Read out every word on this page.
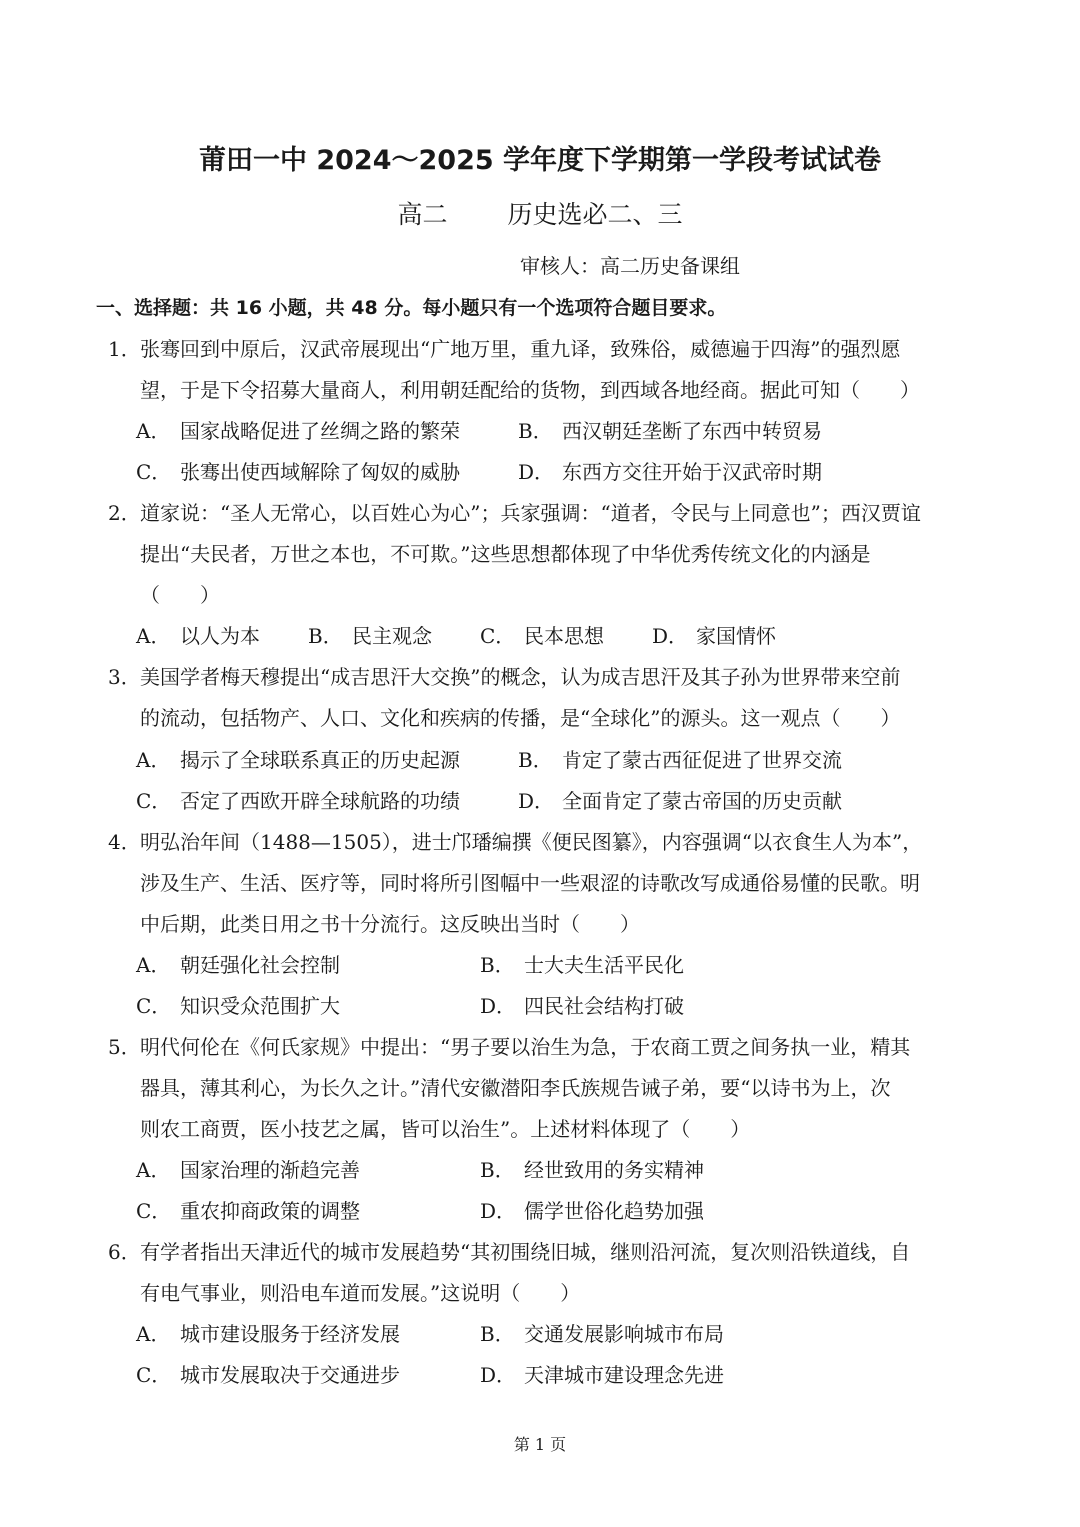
莆田一中 2024～2025 学年度下学期第一学段考试试卷
高二 历史选必二、三
审核人：高二历史备课组
一、选择题：共 16 小题，共 48 分。每小题只有一个选项符合题目要求。
1． 张骞回到中原后，汉武帝展现出“广地万里，重九译，致殊俗，威德遍于四海”的强烈愿
望，于是下令招募大量商人，利用朝廷配给的货物，到西域各地经商。据此可知（　　）
A． 国家战略促进了丝绸之路的繁荣	B． 西汉朝廷垄断了东西中转贸易
C． 张骞出使西域解除了匈奴的威胁	D． 东西方交往开始于汉武帝时期
2． 道家说：“圣人无常心，以百姓心为心”；兵家强调：“道者，令民与上同意也”；西汉贾谊
提出“夫民者，万世之本也，不可欺。”这些思想都体现了中华优秀传统文化的内涵是
（　　）
A． 以人为本 B． 民主观念 C． 民本思想 D． 家国情怀
3． 美国学者梅天穆提出“成吉思汗大交换”的概念，认为成吉思汗及其子孙为世界带来空前
的流动，包括物产、人口、文化和疾病的传播，是“全球化”的源头。这一观点（　　）
A． 揭示了全球联系真正的历史起源	B． 肯定了蒙古西征促进了世界交流
C． 否定了西欧开辟全球航路的功绩	D． 全面肯定了蒙古帝国的历史贡献
4． 明弘治年间（1488—1505），进士邝璠编撰《便民图纂》，内容强调“以衣食生人为本”，
涉及生产、生活、医疗等，同时将所引图幅中一些艰涩的诗歌改写成通俗易懂的民歌。明
中后期，此类日用之书十分流行。这反映出当时（　　）
A． 朝廷强化社会控制	B． 士大夫生活平民化
C． 知识受众范围扩大	D． 四民社会结构打破
5． 明代何伦在《何氏家规》中提出：“男子要以治生为急，于农商工贾之间务执一业，精其
器具，薄其利心，为长久之计。”清代安徽潜阳李氏族规告诫子弟，要“以诗书为上，次
则农工商贾，医小技艺之属，皆可以治生”。上述材料体现了（　　）
A． 国家治理的渐趋完善	B． 经世致用的务实精神
C． 重农抑商政策的调整	D． 儒学世俗化趋势加强
6． 有学者指出天津近代的城市发展趋势“其初围绕旧城，继则沿河流，复次则沿铁道线，自
有电气事业，则沿电车道而发展。”这说明（　　）
A． 城市建设服务于经济发展	B． 交通发展影响城市布局
C． 城市发展取决于交通进步	D． 天津城市建设理念先进
第 1 页
